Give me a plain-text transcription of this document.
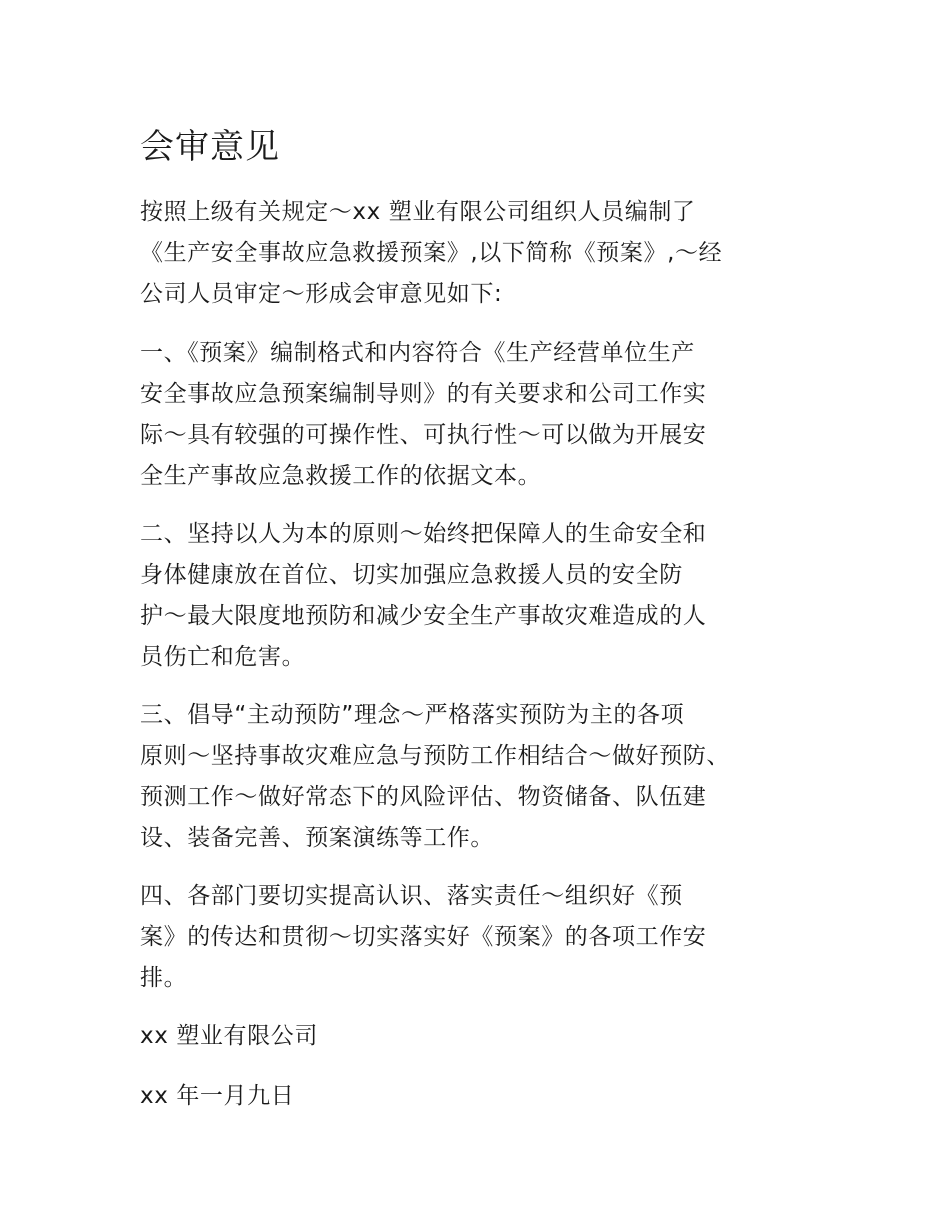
会审意见

按照上级有关规定～xx 塑业有限公司组织人员编制了
《生产安全事故应急救援预案》,以下简称《预案》,～经
公司人员审定～形成会审意见如下:

一、《预案》编制格式和内容符合《生产经营单位生产
安全事故应急预案编制导则》的有关要求和公司工作实
际～具有较强的可操作性、可执行性～可以做为开展安
全生产事故应急救援工作的依据文本。

二、坚持以人为本的原则～始终把保障人的生命安全和
身体健康放在首位、切实加强应急救援人员的安全防
护～最大限度地预防和减少安全生产事故灾难造成的人
员伤亡和危害。

三、倡导“主动预防”理念～严格落实预防为主的各项
原则～坚持事故灾难应急与预防工作相结合～做好预防、
预测工作～做好常态下的风险评估、物资储备、队伍建
设、装备完善、预案演练等工作。

四、各部门要切实提高认识、落实责任～组织好《预
案》的传达和贯彻～切实落实好《预案》的各项工作安
排。

xx 塑业有限公司

xx 年一月九日
